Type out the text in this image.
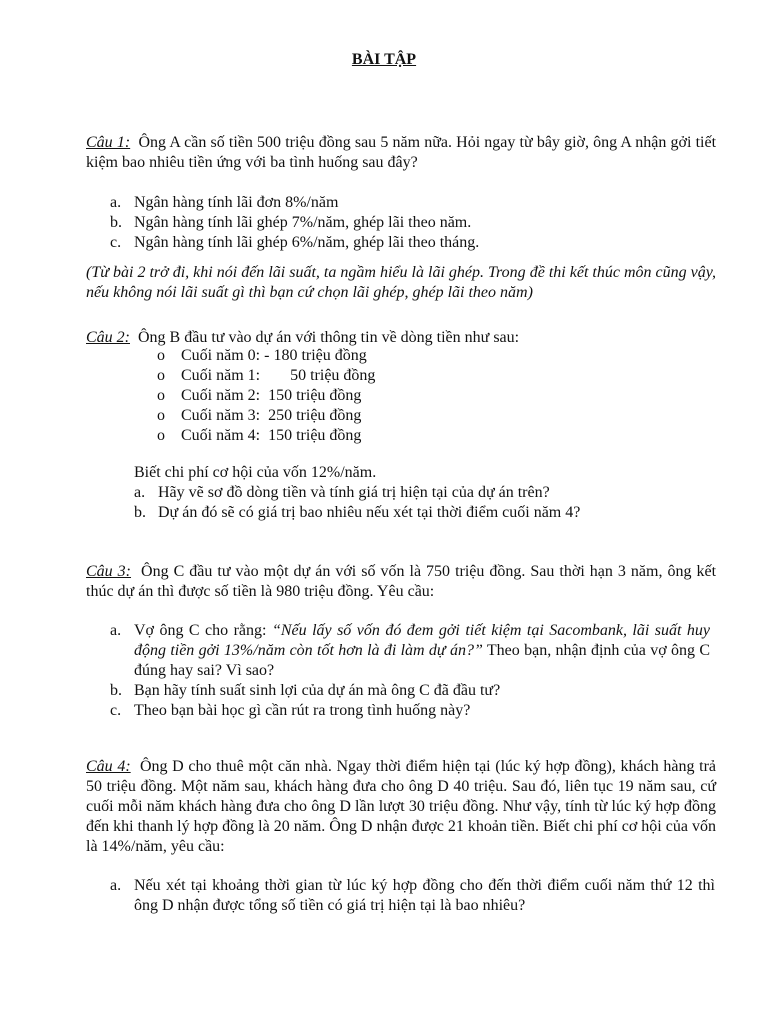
BÀI TẬP
Câu 1: Ông A cần số tiền 500 triệu đồng sau 5 năm nữa. Hỏi ngay từ bây giờ, ông A nhận gởi tiết kiệm bao nhiêu tiền ứng với ba tình huống sau đây?
a. Ngân hàng tính lãi đơn 8%/năm
b. Ngân hàng tính lãi ghép 7%/năm, ghép lãi theo năm.
c. Ngân hàng tính lãi ghép 6%/năm, ghép lãi theo tháng.
(Từ bài 2 trở đi, khi nói đến lãi suất, ta ngầm hiểu là lãi ghép. Trong đề thi kết thúc môn cũng vậy, nếu không nói lãi suất gì thì bạn cứ chọn lãi ghép, ghép lãi theo năm)
Câu 2: Ông B đầu tư vào dự án với thông tin về dòng tiền như sau:
o Cuối năm 0: - 180 triệu đồng
o Cuối năm 1: 50 triệu đồng
o Cuối năm 2: 150 triệu đồng
o Cuối năm 3: 250 triệu đồng
o Cuối năm 4: 150 triệu đồng
Biết chi phí cơ hội của vốn 12%/năm.
a. Hãy vẽ sơ đồ dòng tiền và tính giá trị hiện tại của dự án trên?
b. Dự án đó sẽ có giá trị bao nhiêu nếu xét tại thời điểm cuối năm 4?
Câu 3: Ông C đầu tư vào một dự án với số vốn là 750 triệu đồng. Sau thời hạn 3 năm, ông kết thúc dự án thì được số tiền là 980 triệu đồng. Yêu cầu:
a. Vợ ông C cho rằng: “Nếu lấy số vốn đó đem gởi tiết kiệm tại Sacombank, lãi suất huy động tiền gởi 13%/năm còn tốt hơn là đi làm dự án?” Theo bạn, nhận định của vợ ông C đúng hay sai? Vì sao?
b. Bạn hãy tính suất sinh lợi của dự án mà ông C đã đầu tư?
c. Theo bạn bài học gì cần rút ra trong tình huống này?
Câu 4: Ông D cho thuê một căn nhà. Ngay thời điểm hiện tại (lúc ký hợp đồng), khách hàng trả 50 triệu đồng. Một năm sau, khách hàng đưa cho ông D 40 triệu. Sau đó, liên tục 19 năm sau, cứ cuối mỗi năm khách hàng đưa cho ông D lần lượt 30 triệu đồng. Như vậy, tính từ lúc ký hợp đồng đến khi thanh lý hợp đồng là 20 năm. Ông D nhận được 21 khoản tiền. Biết chi phí cơ hội của vốn là 14%/năm, yêu cầu:
a. Nếu xét tại khoảng thời gian từ lúc ký hợp đồng cho đến thời điểm cuối năm thứ 12 thì ông D nhận được tổng số tiền có giá trị hiện tại là bao nhiêu?
